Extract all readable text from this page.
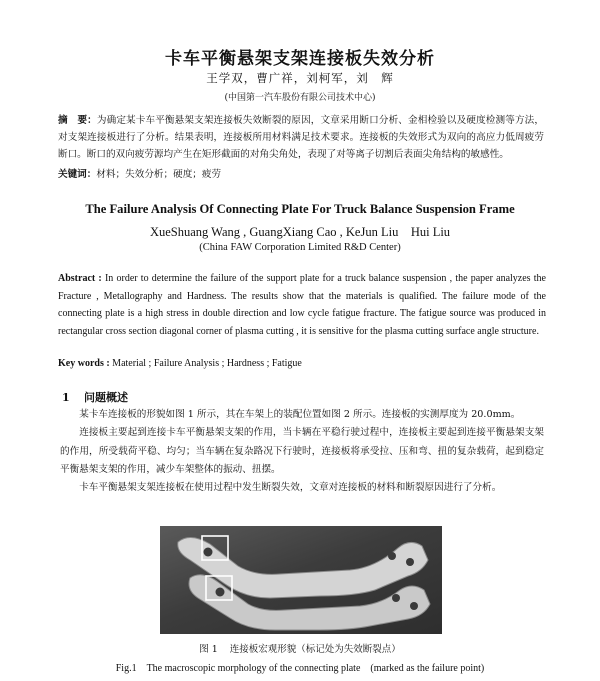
卡车平衡悬架支架连接板失效分析
王学双，曹广祥，刘柯军，刘　辉
(中国第一汽车股份有限公司技术中心)
摘　要：为确定某卡车平衡悬架支架连接板失效断裂的原因，文章采用断口分析、金相检验以及硬度检测等方法，对支架连接板进行了分析。结果表明，连接板所用材料满足技术要求。连接板的失效形式为双向的高应力低周疲劳断口。断口的双向疲劳源均产生在矩形截面的对角尖角处，表现了对等离子切割后表面尖角结构的敏感性。
关键词：材料；失效分析；硬度；疲劳
The Failure Analysis Of Connecting Plate For Truck Balance Suspension Frame
XueShuang Wang , GuangXiang Cao , KeJun Liu　Hui Liu
(China FAW Corporation Limited R&D Center)
Abstract : In order to determine the failure of the support plate for a truck balance suspension , the paper analyzes the Fracture , Metallography and Hardness. The results show that the materials is qualified. The failure mode of the connecting plate is a high stress in double direction and low cycle fatigue fracture. The fatigue source was produced in rectangular cross section diagonal corner of plasma cutting , it is sensitive for the plasma cutting surface angle structure.
Key words : Material ; Failure Analysis ; Hardness ; Fatigue
1 问题概述
某卡车连接板的形貌如图 1 所示，其在车架上的装配位置如图 2 所示。连接板的实测厚度为 20.0mm。
连接板主要起到连接卡车平衡悬架支架的作用，当卡辆在平稳行驶过程中，连接板主要起到连接平衡悬架支架的作用，所受载荷平稳、均匀；当车辆在复杂路况下行驶时，连接板将承受拉、压和弯、扭的复杂载荷，起到稳定平衡悬架支架的作用，减少车架整体的振动、扭摆。
卡车平衡悬架支架连接板在使用过程中发生断裂失效，文章对连接板的材料和断裂原因进行了分析。
图 1 连接板宏观形貌（标记处为失效断裂点）
Fig.1 The macroscopic morphology of the connecting plate　(marked as the failure point)
